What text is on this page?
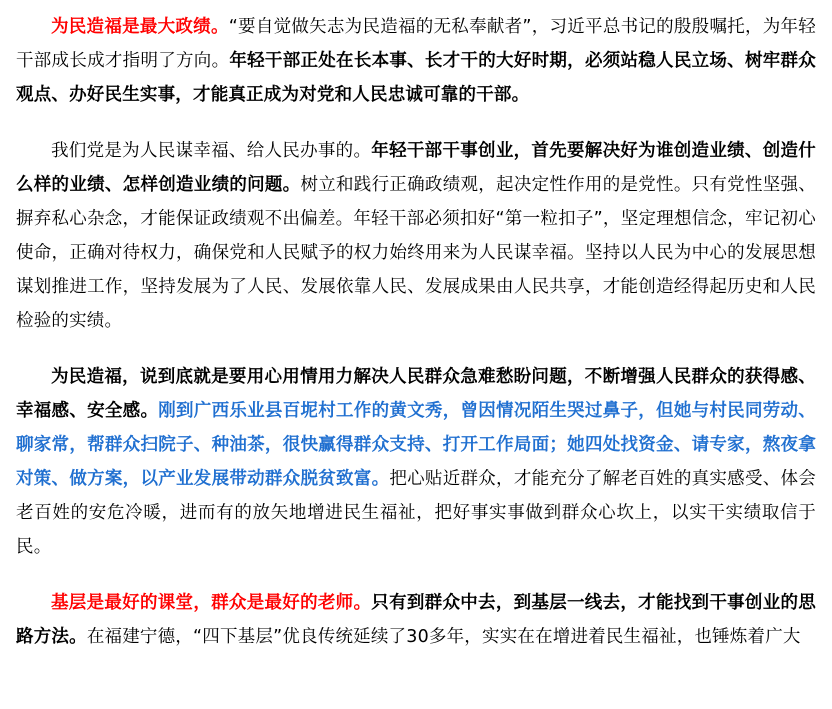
为民造福是最大政绩。“要自觉做矢志为民造福的无私奉献者”，习近平总书记的殷殷嘱托，为年轻干部成长成才指明了方向。年轻干部正处在长本事、长才干的大好时期，必须站稳人民立场、树牢群众观点、办好民生实事，才能真正成为对党和人民忠诚可靠的干部。

我们党是为人民谋幸福、给人民办事的。年轻干部干事创业，首先要解决好为谁创造业绩、创造什么样的业绩、怎样创造业绩的问题。树立和践行正确政绩观，起决定性作用的是党性。只有党性坚强、摒弃私心杂念，才能保证政绩观不出偏差。年轻干部必须扣好“第一粒扣子”，坚定理想信念，牢记初心使命，正确对待权力，确保党和人民赋予的权力始终用来为人民谋幸福。坚持以人民为中心的发展思想谋划推进工作，坚持发展为了人民、发展依靠人民、发展成果由人民共享，才能创造经得起历史和人民检验的实绩。

为民造福，说到底就是要用心用情用力解决人民群众急难愁盼问题，不断增强人民群众的获得感、幸福感、安全感。刚到广西乐业县百坭村工作的黄文秀，曾因情况陌生哭过鼻子，但她与村民同劳动、聊家常，帮群众扫院子、种油茶，很快赢得群众支持、打开工作局面；她四处找资金、请专家，熬夜拿对策、做方案，以产业发展带动群众脱贫致富。把心贴近群众，才能充分了解老百姓的真实感受、体会老百姓的安危冷暖，进而有的放矢地增进民生福祉，把好事实事做到群众心坎上，以实干实绩取信于民。

基层是最好的课堂，群众是最好的老师。只有到群众中去，到基层一线去，才能找到干事创业的思路方法。在福建宁德，“四下基层”优良传统延续了30多年，实实在在增进着民生福祉，也锤炼着广大
